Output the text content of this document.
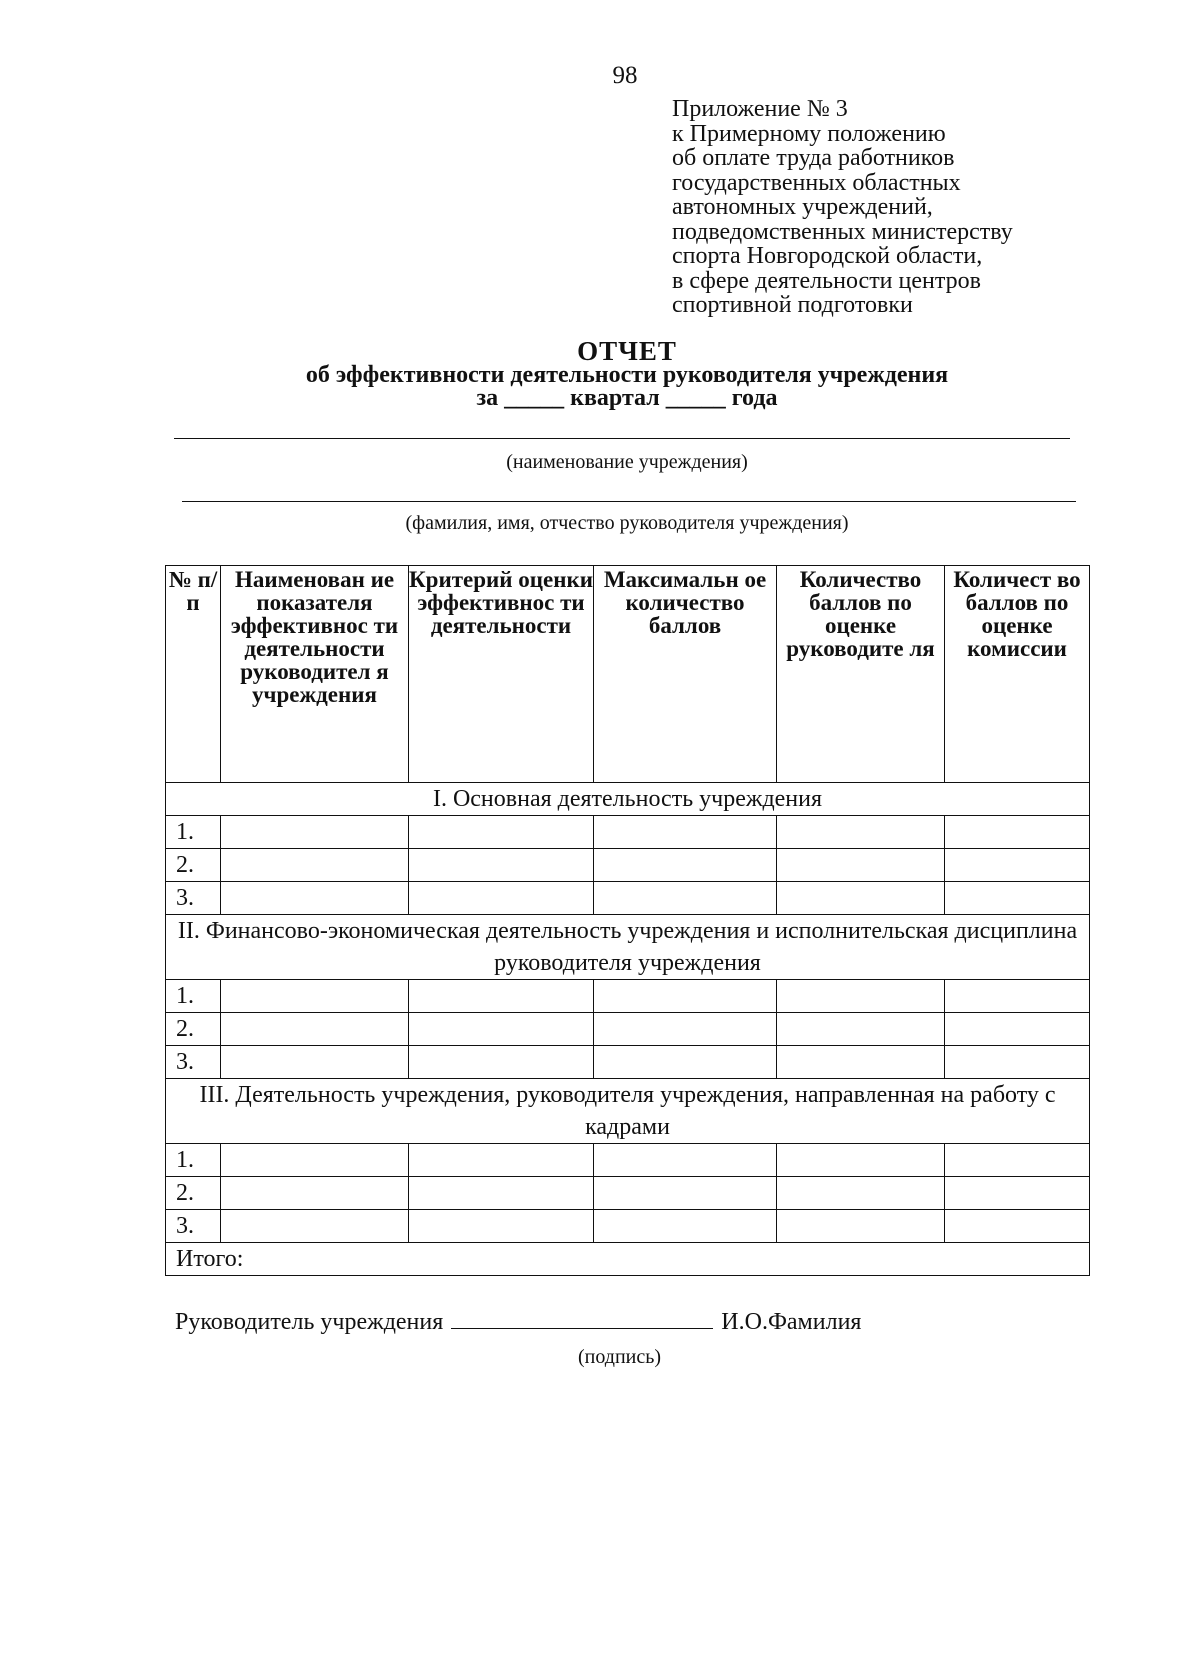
98
Приложение № 3
к Примерному положению
об оплате труда работников
государственных областных
автономных учреждений,
подведомственных министерству
спорта Новгородской области,
в сфере деятельности центров
спортивной подготовки
ОТЧЕТ
об эффективности деятельности руководителя учреждения
за _____ квартал _____ года
(наименование учреждения)
(фамилия, имя, отчество руководителя учреждения)
№ п/ п	Наименован ие показателя эффективнос ти деятельности руководител я учреждения	Критерий оценки эффективнос ти деятельности	Максимальн ое количество баллов	Количество баллов по оценке руководите ля	Количест во баллов по оценке комиссии
I. Основная деятельность учреждения					
1.					
2.					
3.					
II. Финансово-экономическая деятельность учреждения и исполнительская дисциплина руководителя учреждения					
1.					
2.					
3.					
III. Деятельность учреждения, руководителя учреждения, направленная на работу с кадрами					
1.					
2.					
3.					
Итого:					
Руководитель учреждения	И.О.Фамилия
(подпись)
